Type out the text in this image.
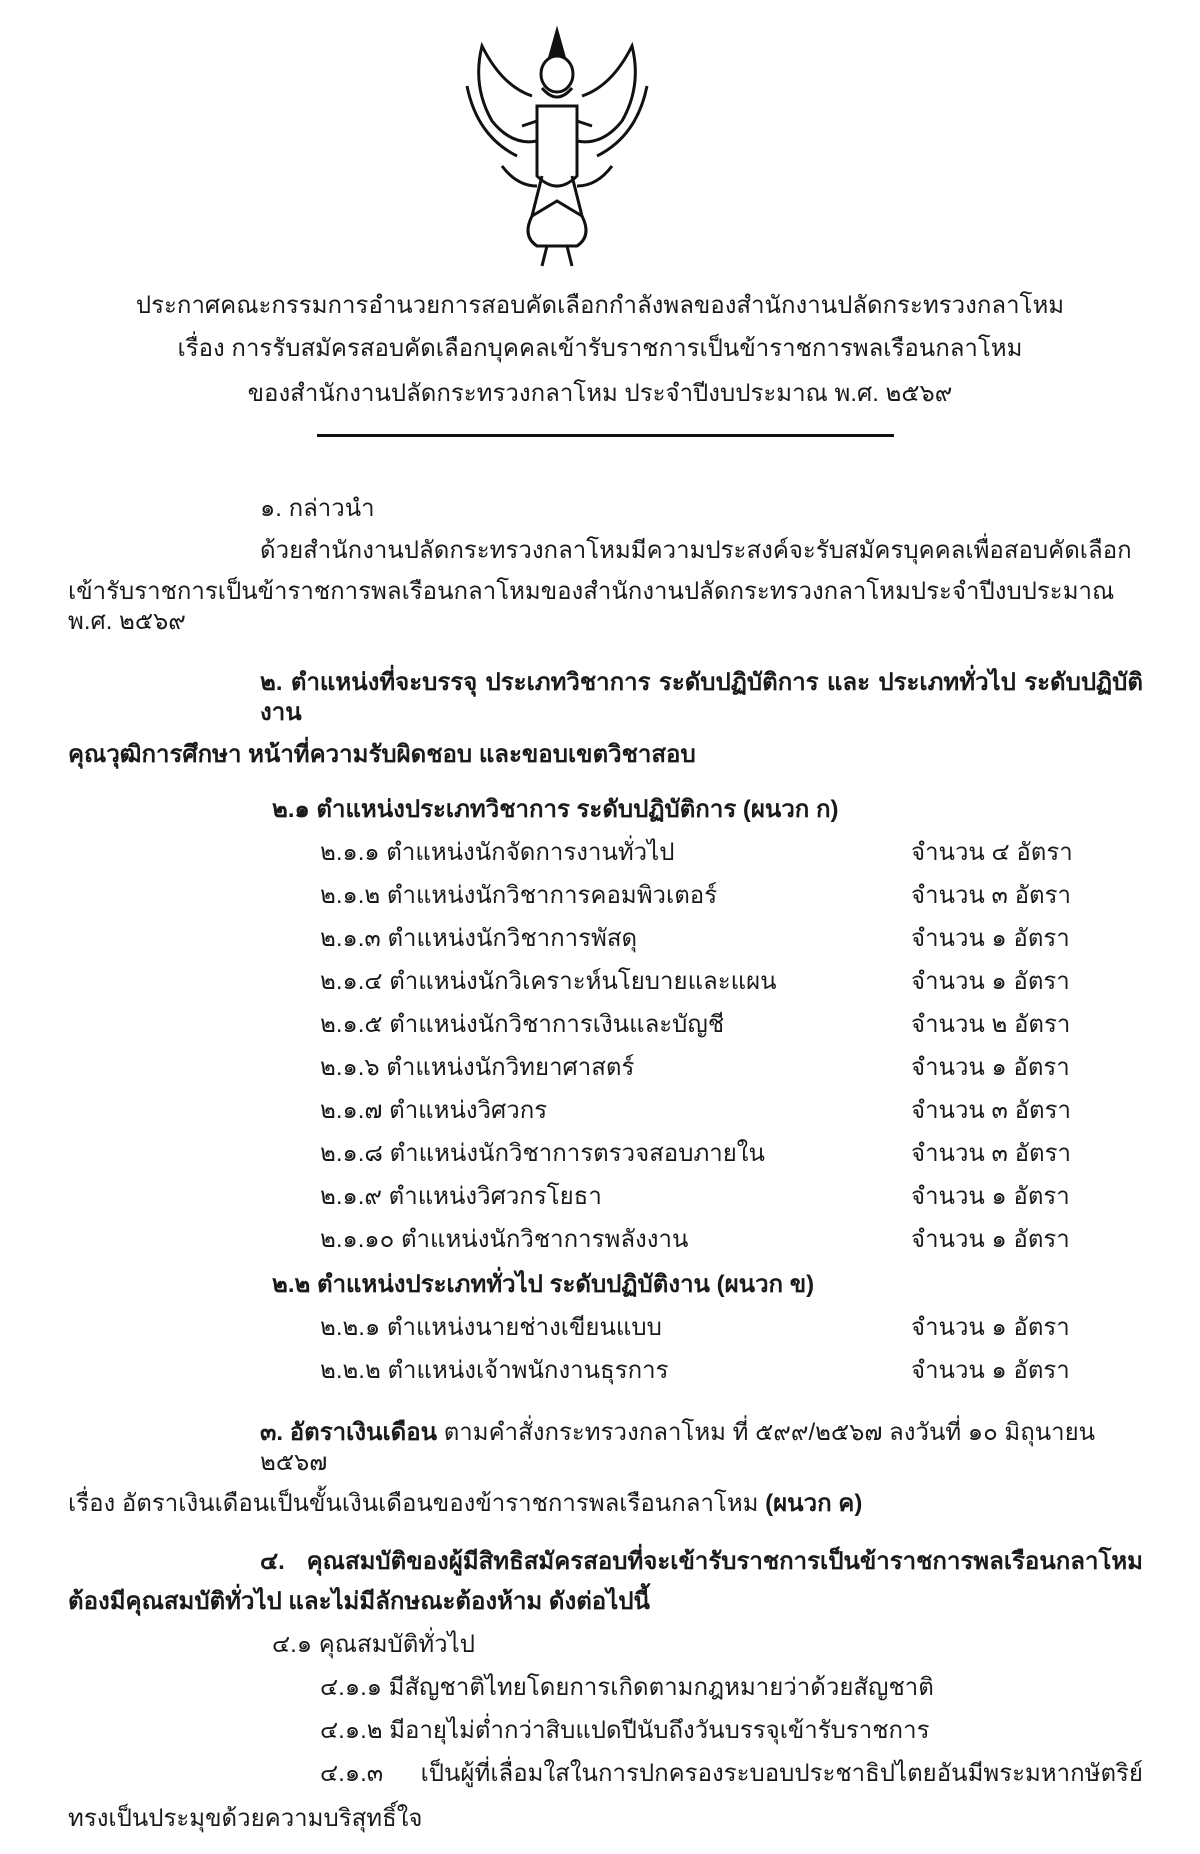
ประกาศคณะกรรมการอำนวยการสอบคัดเลือกกำลังพลของสำนักงานปลัดกระทรวงกลาโหม
เรื่อง การรับสมัครสอบคัดเลือกบุคคลเข้ารับราชการเป็นข้าราชการพลเรือนกลาโหม
ของสำนักงานปลัดกระทรวงกลาโหม ประจำปีงบประมาณ พ.ศ. ๒๕๖๙
๑. กล่าวนำ
ด้วยสำนักงานปลัดกระทรวงกลาโหมมีความประสงค์จะรับสมัครบุคคลเพื่อสอบคัดเลือก
เข้ารับราชการเป็นข้าราชการพลเรือนกลาโหมของสำนักงานปลัดกระทรวงกลาโหมประจำปีงบประมาณ พ.ศ. ๒๕๖๙
๒. ตำแหน่งที่จะบรรจุ ประเภทวิชาการ ระดับปฏิบัติการ และ ประเภททั่วไป ระดับปฏิบัติงาน
คุณวุฒิการศึกษา หน้าที่ความรับผิดชอบ และขอบเขตวิชาสอบ
๒.๑ ตำแหน่งประเภทวิชาการ ระดับปฏิบัติการ (ผนวก ก)
๒.๑.๑ ตำแหน่งนักจัดการงานทั่วไป	จำนวน ๔ อัตรา
๒.๑.๒ ตำแหน่งนักวิชาการคอมพิวเตอร์	จำนวน ๓ อัตรา
๒.๑.๓ ตำแหน่งนักวิชาการพัสดุ	จำนวน ๑ อัตรา
๒.๑.๔ ตำแหน่งนักวิเคราะห์นโยบายและแผน	จำนวน ๑ อัตรา
๒.๑.๕ ตำแหน่งนักวิชาการเงินและบัญชี	จำนวน ๒ อัตรา
๒.๑.๖ ตำแหน่งนักวิทยาศาสตร์	จำนวน ๑ อัตรา
๒.๑.๗ ตำแหน่งวิศวกร	จำนวน ๓ อัตรา
๒.๑.๘ ตำแหน่งนักวิชาการตรวจสอบภายใน	จำนวน ๓ อัตรา
๒.๑.๙ ตำแหน่งวิศวกรโยธา	จำนวน ๑ อัตรา
๒.๑.๑๐ ตำแหน่งนักวิชาการพลังงาน	จำนวน ๑ อัตรา
๒.๒ ตำแหน่งประเภททั่วไป ระดับปฏิบัติงาน (ผนวก ข)
๒.๒.๑ ตำแหน่งนายช่างเขียนแบบ	จำนวน ๑ อัตรา
๒.๒.๒ ตำแหน่งเจ้าพนักงานธุรการ	จำนวน ๑ อัตรา
๓. อัตราเงินเดือน ตามคำสั่งกระทรวงกลาโหม ที่ ๕๙๙/๒๕๖๗ ลงวันที่ ๑๐ มิถุนายน ๒๕๖๗
เรื่อง อัตราเงินเดือนเป็นขั้นเงินเดือนของข้าราชการพลเรือนกลาโหม (ผนวก ค)
๔. คุณสมบัติของผู้มีสิทธิสมัครสอบที่จะเข้ารับราชการเป็นข้าราชการพลเรือนกลาโหม
ต้องมีคุณสมบัติทั่วไป และไม่มีลักษณะต้องห้าม ดังต่อไปนี้
๔.๑ คุณสมบัติทั่วไป
๔.๑.๑ มีสัญชาติไทยโดยการเกิดตามกฎหมายว่าด้วยสัญชาติ
๔.๑.๒ มีอายุไม่ต่ำกว่าสิบแปดปีนับถึงวันบรรจุเข้ารับราชการ
๔.๑.๓ เป็นผู้ที่เลื่อมใสในการปกครองระบอบประชาธิปไตยอันมีพระมหากษัตริย์
ทรงเป็นประมุขด้วยความบริสุทธิ์ใจ
